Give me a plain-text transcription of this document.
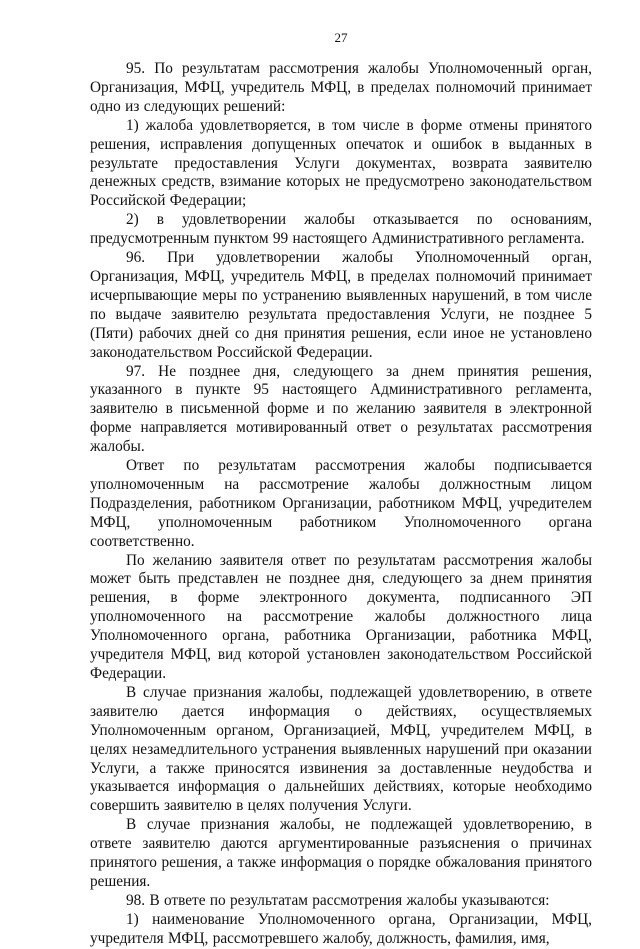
27

95. По результатам рассмотрения жалобы Уполномоченный орган, Организация, МФЦ, учредитель МФЦ, в пределах полномочий принимает одно из следующих решений:

1) жалоба удовлетворяется, в том числе в форме отмены принятого решения, исправления допущенных опечаток и ошибок в выданных в результате предоставления Услуги документах, возврата заявителю денежных средств, взимание которых не предусмотрено законодательством Российской Федерации;

2) в удовлетворении жалобы отказывается по основаниям, предусмотренным пунктом 99 настоящего Административного регламента.

96. При удовлетворении жалобы Уполномоченный орган, Организация, МФЦ, учредитель МФЦ, в пределах полномочий принимает исчерпывающие меры по устранению выявленных нарушений, в том числе по выдаче заявителю результата предоставления Услуги, не позднее 5 (Пяти) рабочих дней со дня принятия решения, если иное не установлено законодательством Российской Федерации.

97. Не позднее дня, следующего за днем принятия решения, указанного в пункте 95 настоящего Административного регламента, заявителю в письменной форме и по желанию заявителя в электронной форме направляется мотивированный ответ о результатах рассмотрения жалобы.

Ответ по результатам рассмотрения жалобы подписывается уполномоченным на рассмотрение жалобы должностным лицом Подразделения, работником Организации, работником МФЦ, учредителем МФЦ, уполномоченным работником Уполномоченного органа соответственно.

По желанию заявителя ответ по результатам рассмотрения жалобы может быть представлен не позднее дня, следующего за днем принятия решения, в форме электронного документа, подписанного ЭП уполномоченного на рассмотрение жалобы должностного лица Уполномоченного органа, работника Организации, работника МФЦ, учредителя МФЦ, вид которой установлен законодательством Российской Федерации.

В случае признания жалобы, подлежащей удовлетворению, в ответе заявителю дается информация о действиях, осуществляемых Уполномоченным органом, Организацией, МФЦ, учредителем МФЦ, в целях незамедлительного устранения выявленных нарушений при оказании Услуги, а также приносятся извинения за доставленные неудобства и указывается информация о дальнейших действиях, которые необходимо совершить заявителю в целях получения Услуги.

В случае признания жалобы, не подлежащей удовлетворению, в ответе заявителю даются аргументированные разъяснения о причинах принятого решения, а также информация о порядке обжалования принятого решения.

98. В ответе по результатам рассмотрения жалобы указываются:

1) наименование Уполномоченного органа, Организации, МФЦ, учредителя МФЦ, рассмотревшего жалобу, должность, фамилия, имя,
